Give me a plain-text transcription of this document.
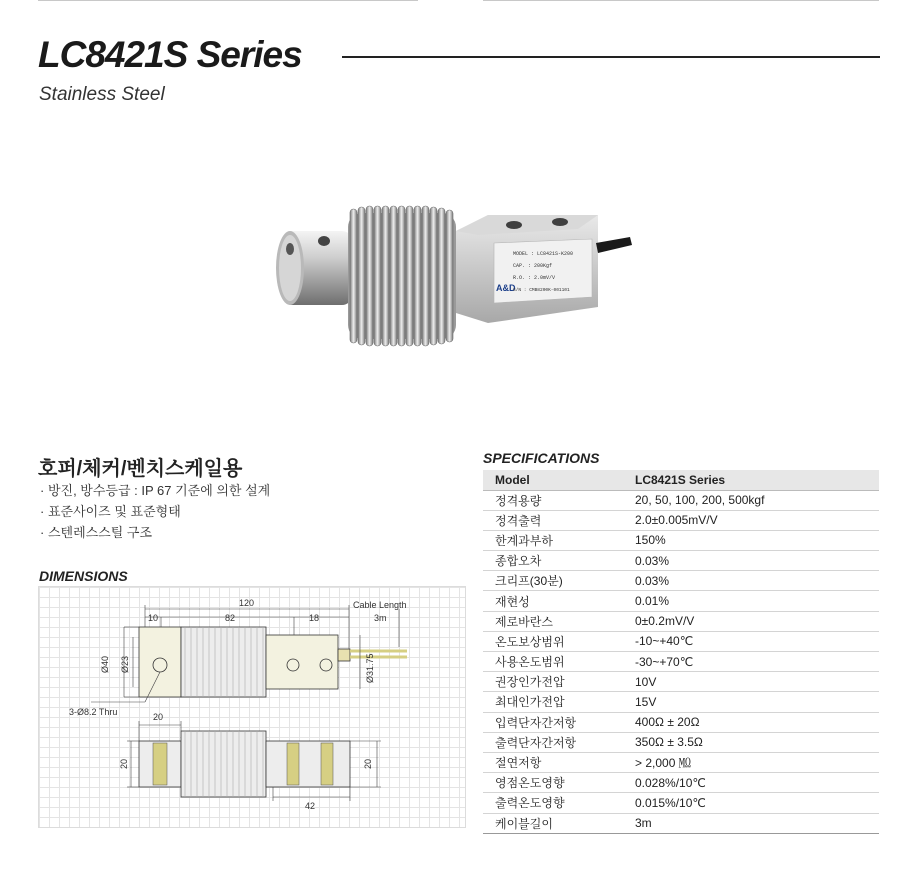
LC8421S Series
Stainless Steel
A&D
MODEL : LC8421S-K200
CAP. : 200Kgf
R.O. : 2.0mV/V
S/N : CMB8200K-001101
호퍼/체커/벤치스케일용
· 방진, 방수등급 : IP 67 기준에 의한 설계
· 표준사이즈 및 표준형태
· 스텐레스스틸 구조
DIMENSIONS
120
10	82	18
Cable Length
3m
Ø40 Ø23	Ø31.75
3-Ø8.2 Thru	20
20	20
42
SPECIFICATIONS
Model	LC8421S Series
정격용량	20, 50, 100, 200, 500kgf
정격출력	2.0±0.005mV/V
한계과부하	150%
종합오차	0.03%
크리프(30분)	0.03%
재현성	0.01%
제로바란스	0±0.2mV/V
온도보상범위	-10~+40℃
사용온도범위	-30~+70℃
권장인가전압	10V
최대인가전압	15V
입력단자간저항	400Ω ± 20Ω
출력단자간저항	350Ω ± 3.5Ω
절연저항	> 2,000 ㏁
영점온도영향	0.028%/10℃
출력온도영향	0.015%/10℃
케이블길이	3m
